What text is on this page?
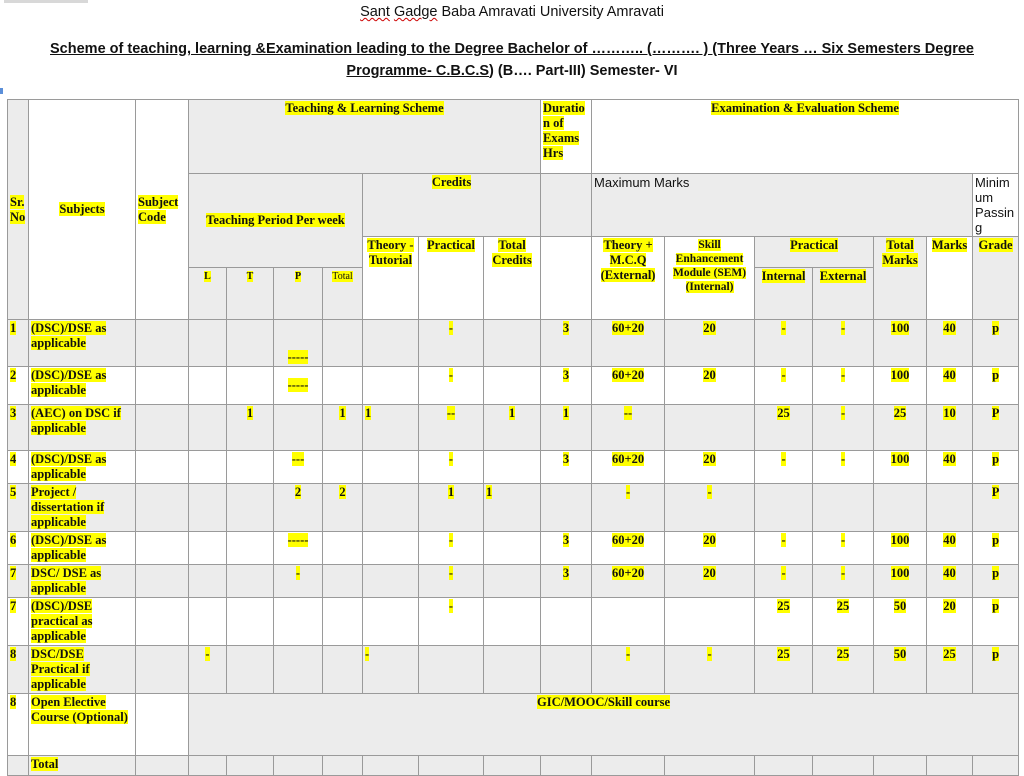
Sant Gadge Baba Amravati University Amravati
Scheme of teaching, learning &Examination leading to the Degree Bachelor of ……….. (………. ) (Three Years … Six Semesters Degree
Programme- C.B.C.S) (B…. Part-III) Semester- VI
Sr.No	Subjects	Subject Code	Teaching & Learning Scheme							Duration of Exams Hrs	Examination & Evaluation Scheme						
			Teaching Period Per week				Credits				Maximum Marks						Minimum Passing
							Theory - Tutorial	Practical	Total Credits		Theory + M.C.Q (External)	Skill Enhancement Module (SEM) (Internal)	Practical		Total Marks	Marks	Grade
			L	T	P	Total							Internal	External			
1	(DSC)/DSE as applicable				-----			-		3	60+20	20	-	-	100	40	p
2	(DSC)/DSE as applicable				-----			-		3	60+20	20	-	-	100	40	p
3	(AEC) on DSC if applicable			1		1	1	--	1	1	--		25	-	25	10	P
4	(DSC)/DSE as applicable				---			-		3	60+20	20	-	-	100	40	p
5	Project / dissertation if applicable				2	2		1	1		-	-					P
6	(DSC)/DSE as applicable				-----			-		3	60+20	20	-	-	100	40	p
7	DSC/ DSE as applicable				-			-		3	60+20	20	-	-	100	40	p
7	(DSC)/DSE practical as applicable							-					25	25	50	20	p
8	DSC/DSE Practical if applicable		-				-				-	-	25	25	50	25	p
8	Open Elective Course (Optional)		GIC/MOOC/Skill course														
	Total																
